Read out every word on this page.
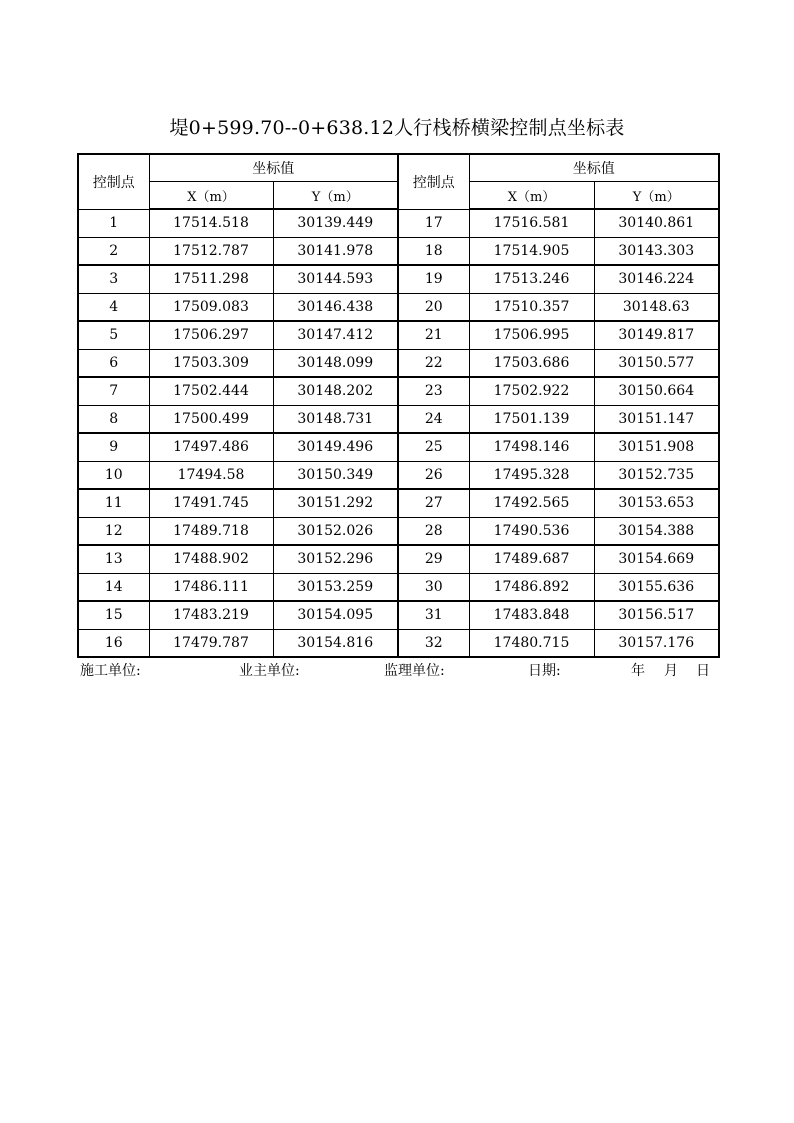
堤0+599.70--0+638.12人行栈桥横梁控制点坐标表
控制点	坐标值		控制点	坐标值	
	X（m）	Y（m）		X（m）	Y（m）
1	17514.518	30139.449	17	17516.581	30140.861
2	17512.787	30141.978	18	17514.905	30143.303
3	17511.298	30144.593	19	17513.246	30146.224
4	17509.083	30146.438	20	17510.357	30148.63
5	17506.297	30147.412	21	17506.995	30149.817
6	17503.309	30148.099	22	17503.686	30150.577
7	17502.444	30148.202	23	17502.922	30150.664
8	17500.499	30148.731	24	17501.139	30151.147
9	17497.486	30149.496	25	17498.146	30151.908
10	17494.58	30150.349	26	17495.328	30152.735
11	17491.745	30151.292	27	17492.565	30153.653
12	17489.718	30152.026	28	17490.536	30154.388
13	17488.902	30152.296	29	17489.687	30154.669
14	17486.111	30153.259	30	17486.892	30155.636
15	17483.219	30154.095	31	17483.848	30156.517
16	17479.787	30154.816	32	17480.715	30157.176
施工单位:	业主单位:	监理单位:	日期:	年 月 日
